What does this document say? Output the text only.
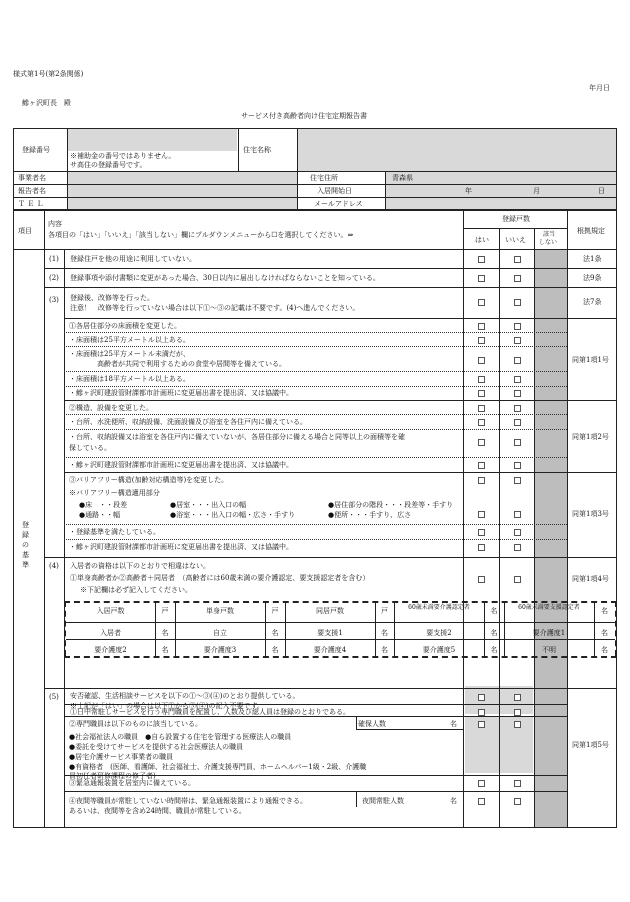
様式第1号(第2条関係)
年月日
鰺ヶ沢町長　殿
サービス付き高齢者向け住宅定期報告書
登録番号
※補助金の番号ではありません。
サ高住の登録番号です。
住宅名称
事業者名	住宅住所	青森県
報告者名	入居開始日	年	月	日
Ｔ Ｅ Ｌ	メールアドレス
項目
内容
各項目の「はい」「いいえ」「該当しない」欄にプルダウンメニューから☐を選択してください。⇒
登録戸数
はい いいえ
該当
しない
根拠規定
登録の基準
(1) 登録住戸を他の用途に利用していない。	法1条
(2) 登録事項や添付書類に変更があった場合、30日以内に届出しなければならないことを知っている。	法9条
(3) 登録後、改修等を行った。
注意！　改修等を行っていない場合は以下①～③の記載は不要です。(4)へ進んでください。
法7条
①各居住部分の床面積を変更した。
・床面積は25平方メートル以上ある。
・床面積は25平方メートル未満だが、
高齢者が共同で利用するための食堂や居間等を備えている。
・床面積は18平方メートル以上ある。
・鰺ヶ沢町建設管財課都市計画班に変更届出書を提出済、又は協議中。
同第1項1号
②構造、設備を変更した。
・台所、水洗便所、収納設備、洗面設備及び浴室を各住戸内に備えている。
・台所、収納設備又は浴室を各住戸内に備えていないが、各居住部分に備える場合と同等以上の面積等を確
保している。
・鰺ヶ沢町建設管財課都市計画班に変更届出書を提出済、又は協議中。
同第1項2号
③バリアフリー構造(加齢対応構造等)を変更した。
※バリアフリー構造適用部分
●床　・・段差	●居室・・・出入口の幅	●居住部分の階段・・・段差等・手すり
●通路・・幅	●浴室・・・出入口の幅・広さ・手すり	●便所・・・手すり、広さ
・登録基準を満たしている。
・鰺ヶ沢町建設管財課都市計画班に変更届出書を提出済、又は協議中。
同第1項3号
(4) 入居者の資格は以下のとおりで相違はない。
①単身高齢者か②高齢者＋同居者　（高齢者には60歳未満の要介護認定、要支援認定者を含む）
※下記欄は必ず記入してください。
同第1項4号
入居戸数	戸	単身戸数	戸	同居戸数	戸	60歳未満要介護認定者	名	60歳未満要支援認定者	名
入居者	名	自立	名	要支援1	名	要支援2	名	要介護度1	名
要介護度2	名	要介護度3	名	要介護度4	名	要介護度5	名	不明	名
(5) 安否確認、生活相談サービスを以下の①～③(④)のとおり提供している。
※上記が「はい」の場合は以下①から③(④)の記入不要です。
①日中常駐しサービスを行う専門職員を配置し、人数及び総人員は登録のとおりである。
②専門職員は以下のものに該当している。	確保人数	名
●社会福祉法人の職員　●自ら設置する住宅を管理する医療法人の職員
●委託を受けてサービスを提供する社会医療法人の職員
●居宅介護サービス事業者の職員
●有資格者　(医師、看護師、社会福祉士、介護支援専門員、ホームヘルパー1級・2級、介護職
員初任者研修課程の修了者)
③緊急通報装置を居室内に備えている。
④夜間等職員が常駐していない時間帯は、緊急通報装置により通報できる。
あるいは、夜間等を含め24時間、職員が常駐している。
夜間常駐人数	名
同第1項5号
